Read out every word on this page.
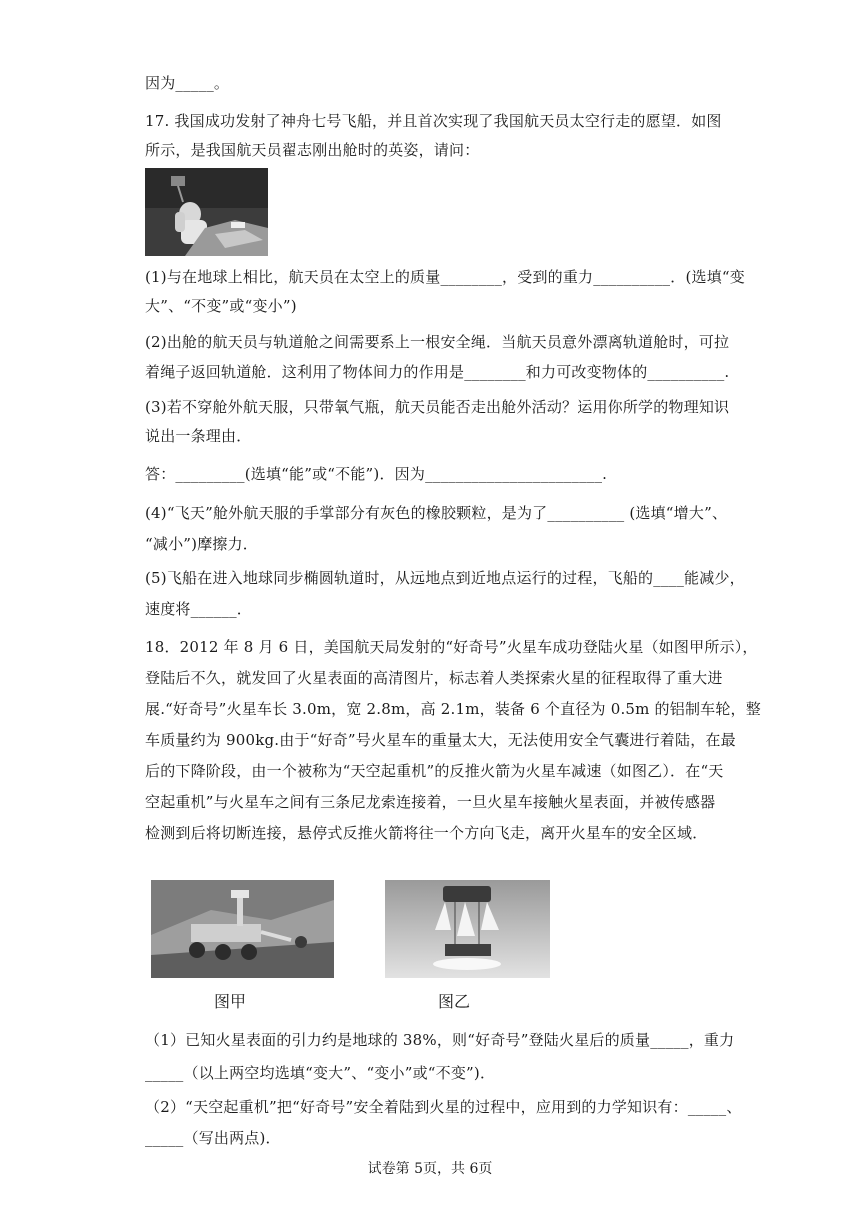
因为_____。
17. 我国成功发射了神舟七号飞船，并且首次实现了我国航天员太空行走的愿望．如图
所示，是我国航天员翟志刚出舱时的英姿，请问：
(1)与在地球上相比，航天员在太空上的质量________，受到的重力__________．(选填“变
大”、“不变”或“变小”)
(2)出舱的航天员与轨道舱之间需要系上一根安全绳．当航天员意外漂离轨道舱时，可拉
着绳子返回轨道舱．这利用了物体间力的作用是________和力可改变物体的__________.
(3)若不穿舱外航天服，只带氧气瓶，航天员能否走出舱外活动？运用你所学的物理知识
说出一条理由．
答：_________(选填“能”或“不能”)．因为_______________________.
(4)“飞天”舱外航天服的手掌部分有灰色的橡胶颗粒，是为了__________ (选填“增大”、
“减小”)摩擦力．
(5)飞船在进入地球同步椭圆轨道时，从远地点到近地点运行的过程，飞船的____能减少，
速度将______．
18．2012 年 8 月 6 日，美国航天局发射的“好奇号”火星车成功登陆火星（如图甲所示），
登陆后不久，就发回了火星表面的高清图片，标志着人类探索火星的征程取得了重大进
展.“好奇号”火星车长 3.0m，宽 2.8m，高 2.1m，装备 6 个直径为 0.5m 的铝制车轮，整
车质量约为 900kg.由于“好奇”号火星车的重量太大，无法使用安全气囊进行着陆，在最
后的下降阶段，由一个被称为“天空起重机”的反推火箭为火星车减速（如图乙）．在“天
空起重机”与火星车之间有三条尼龙索连接着，一旦火星车接触火星表面，并被传感器
检测到后将切断连接，悬停式反推火箭将往一个方向飞走，离开火星车的安全区域．
图甲	图乙
（1）已知火星表面的引力约是地球的 38%，则“好奇号”登陆火星后的质量_____，重力
_____（以上两空均选填“变大”、“变小”或“不变”)．
（2）“天空起重机”把“好奇号”安全着陆到火星的过程中，应用到的力学知识有：_____、
_____（写出两点)．
试卷第 5页，共 6页
